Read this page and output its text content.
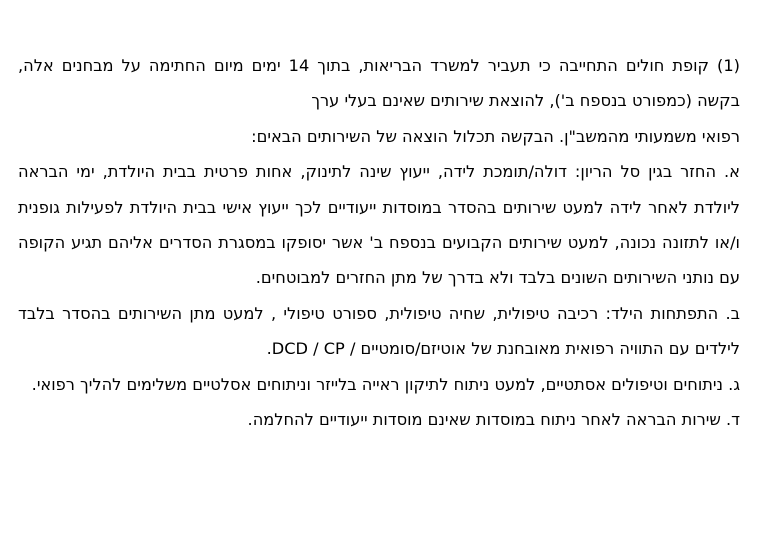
(1) קופת חולים התחייבה כי תעביר למשרד הבריאות, בתוך 14 ימים מיום החתימה על מבחנים אלה, בקשה (כמפורט בנספח ב'), להוצאת שירותים שאינם בעלי ערך
רפואי משמעותי מהמשב"ן. הבקשה תכלול הוצאה של השירותים הבאים:

א. החזר בגין סל הריון: דולה/תומכת לידה, ייעוץ שינה לתינוק, אחות פרטית בבית היולדת, ימי הבראה ליולדת לאחר לידה למעט שירותים בהסדר במוסדות ייעודיים לכך ייעוץ אישי בבית היולדת לפעילות גופנית ו/או לתזונה נכונה, למעט שירותים הקבועים בנספח ב' אשר יסופקו במסגרת הסדרים אליהם תגיע הקופה עם נותני השירותים השונים בלבד ולא בדרך של מתן החזרים למבוטחים.

ב. התפתחות הילד: רכיבה טיפולית, שחיה טיפולית, ספורט טיפולי , למעט מתן השירותים בהסדר בלבד לילדים עם התוויה רפואית מאובחנת של אוטיזם/סומטיים / DCD / CP.

ג. ניתוחים וטיפולים אסתטיים, למעט ניתוח לתיקון ראייה בלייזר וניתוחים אסלטיים משלימים להליך רפואי.

ד. שירות הבראה לאחר ניתוח במוסדות שאינם מוסדות ייעודיים להחלמה.
